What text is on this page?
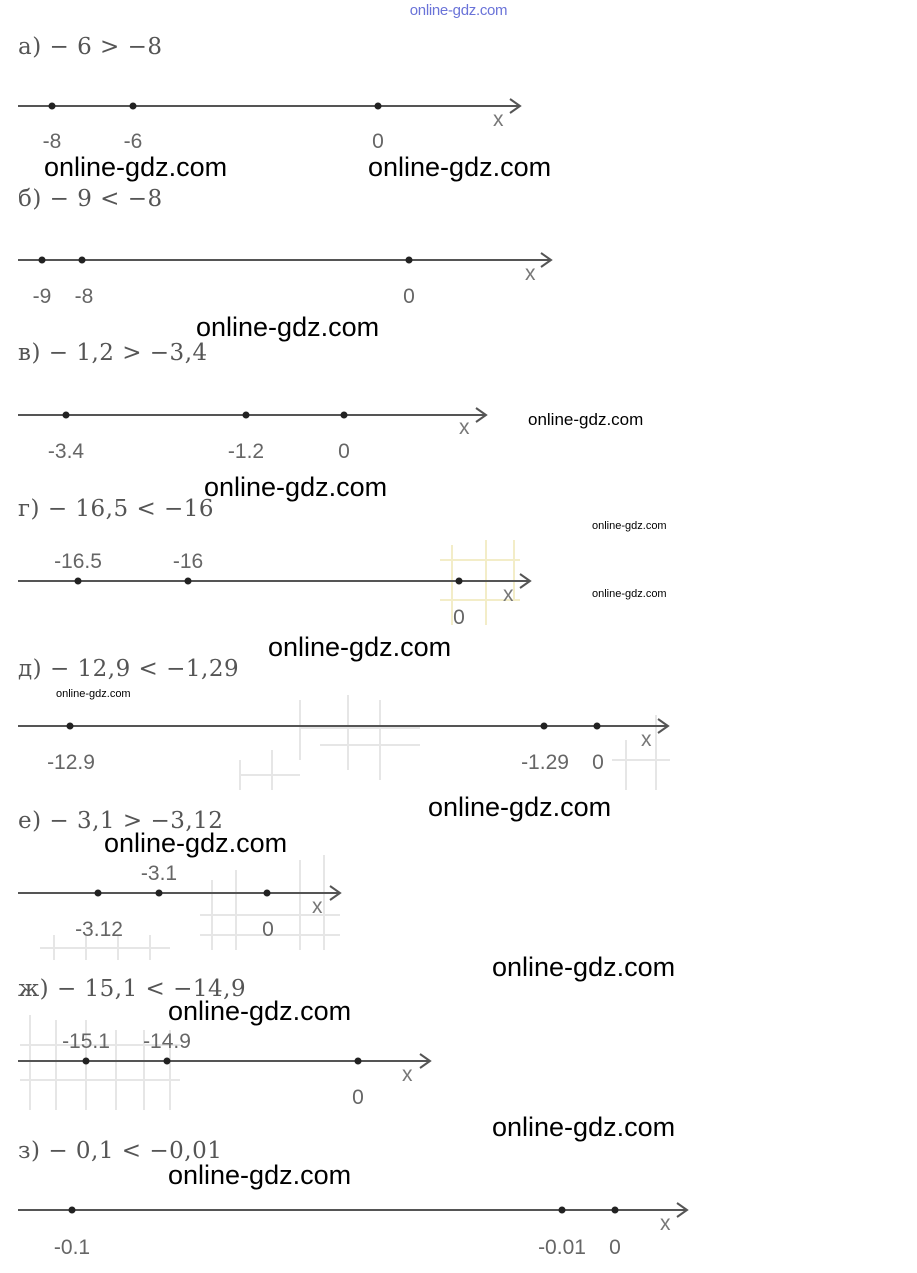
online-gdz.com
а) − 6 > −8
x
-8	-6	0
online-gdz.com	online-gdz.com
б) − 9 < −8
x
-9 -8	0
online-gdz.com
в) − 1,2 > −3,4
x
-3.4	-1.2	0
online-gdz.com
online-gdz.com
г) − 16,5 < −16
-16.5	-16
0
x
online-gdz.com
online-gdz.com
online-gdz.com
д) − 12,9 < −1,29
online-gdz.com
x
-12.9	-1.29 0
online-gdz.com
е) − 3,1 > −3,12
online-gdz.com
-3.1
x
-3.12	0
online-gdz.com
ж) − 15,1 < −14,9
online-gdz.com
-15.1 -14.9
x
0
online-gdz.com
з) − 0,1 < −0,01
online-gdz.com
x
-0.1	-0.01 0
